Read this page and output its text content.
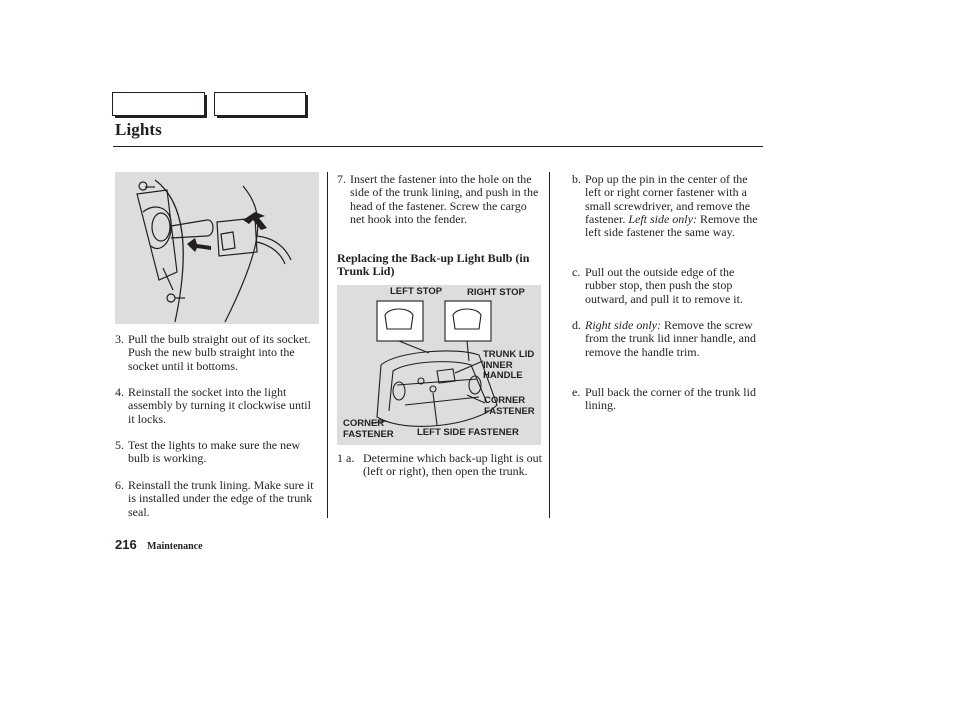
Lights
3. Pull the bulb straight out of its socket. Push the new bulb straight into the socket until it bottoms.
4. Reinstall the socket into the light assembly by turning it clockwise until it locks.
5. Test the lights to make sure the new bulb is working.
6. Reinstall the trunk lining. Make sure it is installed under the edge of the trunk seal.
7. Insert the fastener into the hole on the side of the trunk lining, and push in the head of the fastener. Screw the cargo net hook into the fender.
Replacing the Back-up Light Bulb (in Trunk Lid)
LEFT STOP	RIGHT STOP
TRUNK LID INNER HANDLE
CORNER FASTENER
CORNER FASTENER	LEFT SIDE FASTENER
1 a. Determine which back-up light is out (left or right), then open the trunk.
b. Pop up the pin in the center of the left or right corner fastener with a small screwdriver, and remove the fastener. Left side only: Remove the left side fastener the same way.
c. Pull out the outside edge of the rubber stop, then push the stop outward, and pull it to remove it.
d. Right side only: Remove the screw from the trunk lid inner handle, and remove the handle trim.
e. Pull back the corner of the trunk lid lining.
216 Maintenance
